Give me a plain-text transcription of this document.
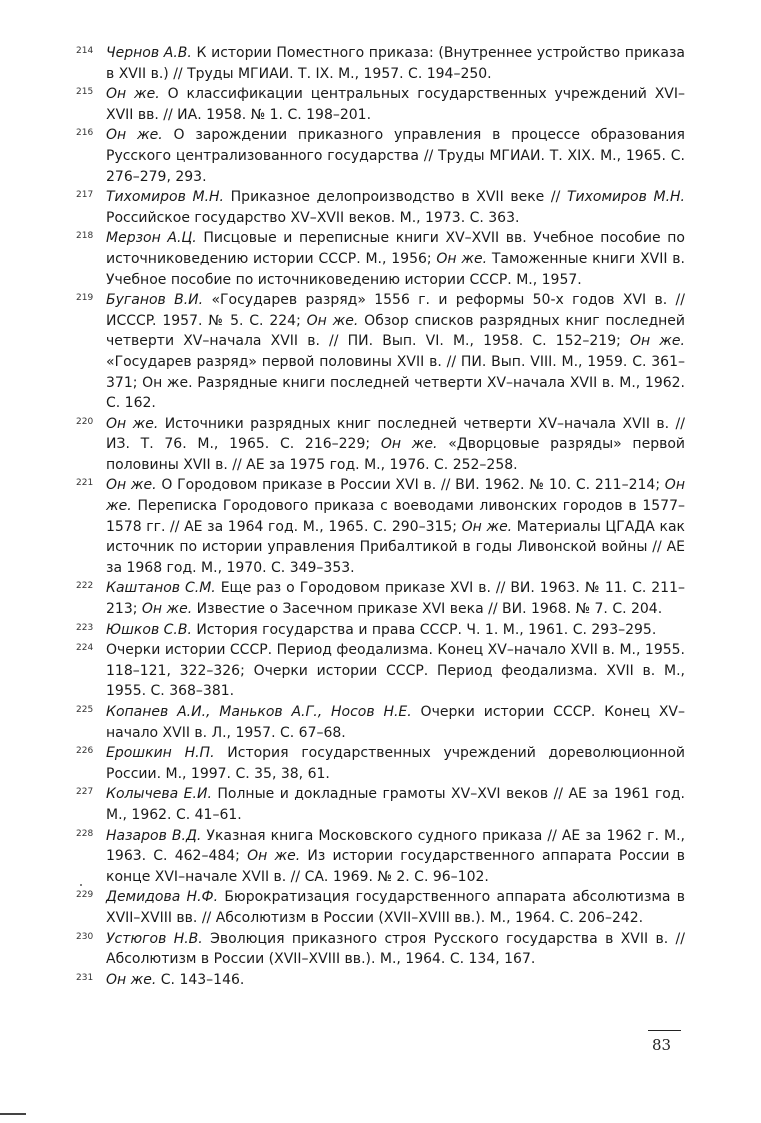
214 Чернов А.В. К истории Поместного приказа: (Внутреннее устройство приказа в XVII в.) // Труды МГИАИ. Т. IX. М., 1957. С. 194–250.
215 Он же. О классификации центральных государственных учреждений XVI–XVII вв. // ИА. 1958. № 1. С. 198–201.
216 Он же. О зарождении приказного управления в процессе образования Русского централизованного государства // Труды МГИАИ. Т. XIX. М., 1965. С. 276–279, 293.
217 Тихомиров М.Н. Приказное делопроизводство в XVII веке // Тихомиров М.Н. Российское государство XV–XVII веков. М., 1973. С. 363.
218 Мерзон А.Ц. Писцовые и переписные книги XV–XVII вв. Учебное пособие по источниковедению истории СССР. М., 1956; Он же. Таможенные книги XVII в. Учебное пособие по источниковедению истории СССР. М., 1957.
219 Буганов В.И. «Государев разряд» 1556 г. и реформы 50-х годов XVI в. // ИССCP. 1957. № 5. С. 224; Он же. Обзор списков разрядных книг последней четверти XV–начала XVII в. // ПИ. Вып. VI. М., 1958. С. 152–219; Он же. «Государев разряд» первой половины XVII в. // ПИ. Вып. VIII. М., 1959. С. 361–371; Он же. Разрядные книги последней четверти XV–начала XVII в. М., 1962. С. 162.
220 Он же. Источники разрядных книг последней четверти XV–начала XVII в. // ИЗ. Т. 76. М., 1965. С. 216–229; Он же. «Дворцовые разряды» первой половины XVII в. // АЕ за 1975 год. М., 1976. С. 252–258.
221 Он же. О Городовом приказе в России XVI в. // ВИ. 1962. № 10. С. 211–214; Он же. Переписка Городового приказа с воеводами ливонских городов в 1577–1578 гг. // АЕ за 1964 год. М., 1965. С. 290–315; Он же. Материалы ЦГАДА как источник по истории управления Прибалтикой в годы Ливонской войны // АЕ за 1968 год. М., 1970. С. 349–353.
222 Каштанов С.М. Еще раз о Городовом приказе XVI в. // ВИ. 1963. № 11. С. 211–213; Он же. Известие о Засечном приказе XVI века // ВИ. 1968. № 7. С. 204.
223 Юшков С.В. История государства и права СССР. Ч. 1. М., 1961. С. 293–295.
224 Очерки истории СССР. Период феодализма. Конец XV–начало XVII в. М., 1955. 118–121, 322–326; Очерки истории СССР. Период феодализма. XVII в. М., 1955. С. 368–381.
225 Копанев А.И., Маньков А.Г., Носов Н.Е. Очерки истории СССР. Конец XV–начало XVII в. Л., 1957. С. 67–68.
226 Ерошкин Н.П. История государственных учреждений дореволюционной России. М., 1997. С. 35, 38, 61.
227 Колычева Е.И. Полные и докладные грамоты XV–XVI веков // АЕ за 1961 год. М., 1962. С. 41–61.
228 Назаров В.Д. Указная книга Московского судного приказа // АЕ за 1962 г. М., 1963. С. 462–484; Он же. Из истории государственного аппарата России в конце XVI–начале XVII в. // СА. 1969. № 2. С. 96–102.
229 Демидова Н.Ф. Бюрократизация государственного аппарата абсолютизма в XVII–XVIII вв. // Абсолютизм в России (XVII–XVIII вв.). М., 1964. С. 206–242.
230 Устюгов Н.В. Эволюция приказного строя Русского государства в XVII в. // Абсолютизм в России (XVII–XVIII вв.). М., 1964. С. 134, 167.
231 Он же. С. 143–146.
83
